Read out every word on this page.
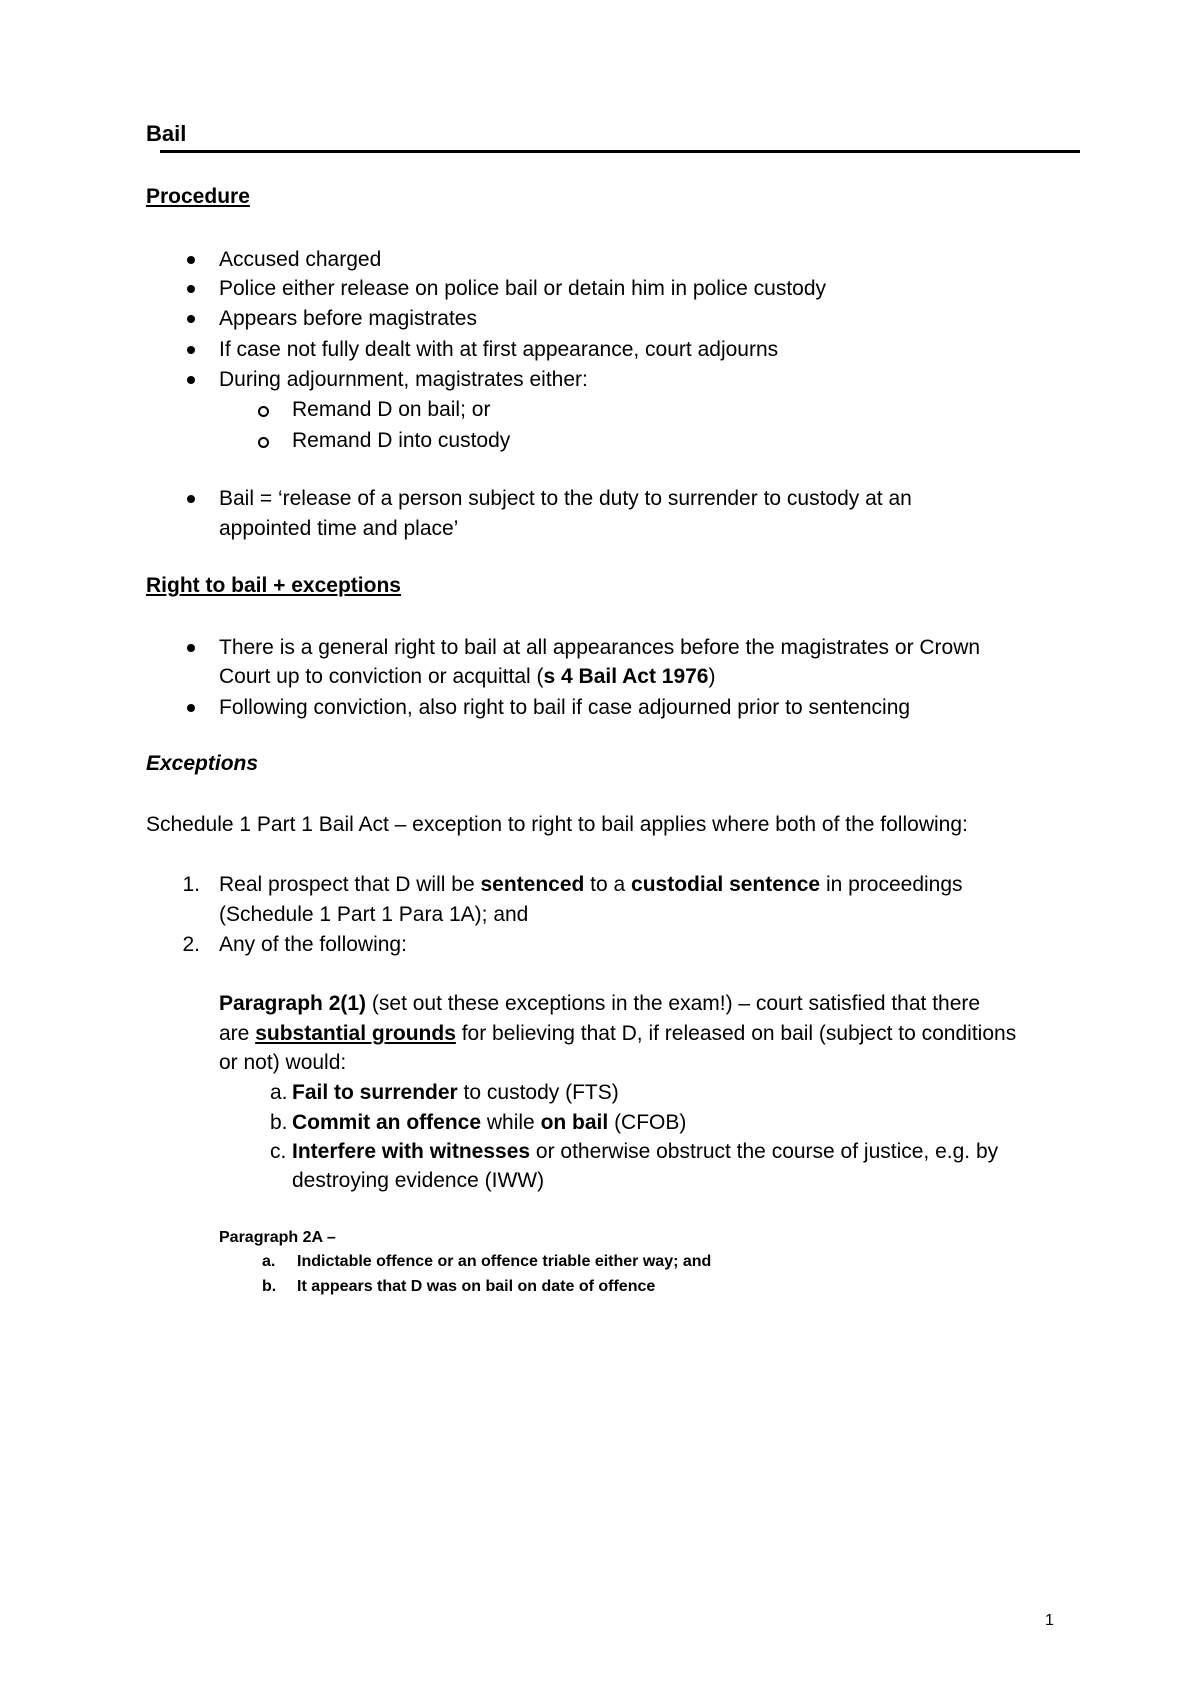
Bail
Procedure
Accused charged
Police either release on police bail or detain him in police custody
Appears before magistrates
If case not fully dealt with at first appearance, court adjourns
During adjournment, magistrates either:
Remand D on bail; or
Remand D into custody
Bail = ‘release of a person subject to the duty to surrender to custody at an
appointed time and place’
Right to bail + exceptions
There is a general right to bail at all appearances before the magistrates or Crown
Court up to conviction or acquittal (s 4 Bail Act 1976)
Following conviction, also right to bail if case adjourned prior to sentencing
Exceptions
Schedule 1 Part 1 Bail Act – exception to right to bail applies where both of the following:
1. Real prospect that D will be sentenced to a custodial sentence in proceedings
(Schedule 1 Part 1 Para 1A); and
2. Any of the following:
Paragraph 2(1) (set out these exceptions in the exam!) – court satisfied that there
are substantial grounds for believing that D, if released on bail (subject to conditions
or not) would:
a. Fail to surrender to custody (FTS)
b. Commit an offence while on bail (CFOB)
c. Interfere with witnesses or otherwise obstruct the course of justice, e.g. by
destroying evidence (IWW)
Paragraph 2A –
a. Indictable offence or an offence triable either way; and
b. It appears that D was on bail on date of offence
1
